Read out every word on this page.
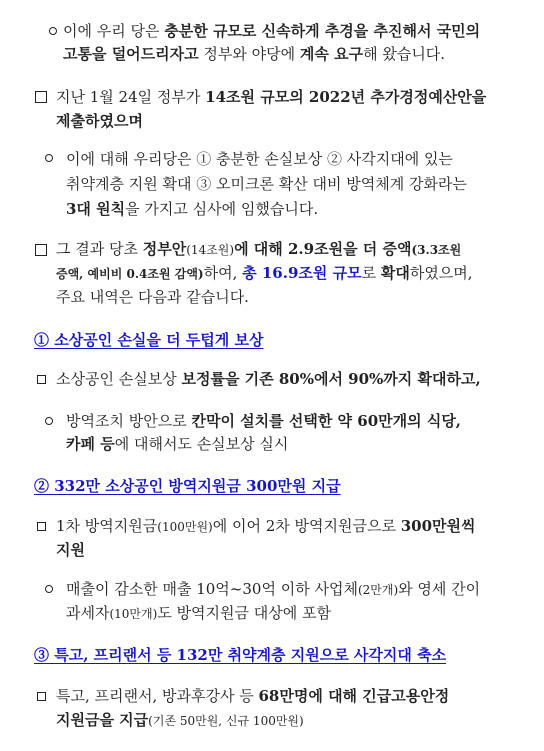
이에 우리 당은 충분한 규모로 신속하게 추경을 추진해서 국민의
고통을 덜어드리자고 정부와 야당에 계속 요구해 왔습니다.
지난 1월 24일 정부가 14조원 규모의 2022년 추가경정예산안을
제출하였으며
이에 대해 우리당은 ① 충분한 손실보상 ② 사각지대에 있는
취약계층 지원 확대 ③ 오미크론 확산 대비 방역체계 강화라는
3대 원칙을 가지고 심사에 임했습니다.
그 결과 당초 정부안(14조원)에 대해 2.9조원을 더 증액(3.3조원
증액, 예비비 0.4조원 감액)하여, 총 16.9조원 규모로 확대하였으며,
주요 내역은 다음과 같습니다.
① 소상공인 손실을 더 두텁게 보상
소상공인 손실보상 보정률을 기존 80%에서 90%까지 확대하고,
방역조치 방안으로 칸막이 설치를 선택한 약 60만개의 식당,
카페 등에 대해서도 손실보상 실시
② 332만 소상공인 방역지원금 300만원 지급
1차 방역지원금(100만원)에 이어 2차 방역지원금으로 300만원씩
지원
매출이 감소한 매출 10억~30억 이하 사업체(2만개)와 영세 간이
과세자(10만개)도 방역지원금 대상에 포함
③ 특고, 프리랜서 등 132만 취약계층 지원으로 사각지대 축소
특고, 프리랜서, 방과후강사 등 68만명에 대해 긴급고용안정
지원금을 지급(기존 50만원, 신규 100만원)
